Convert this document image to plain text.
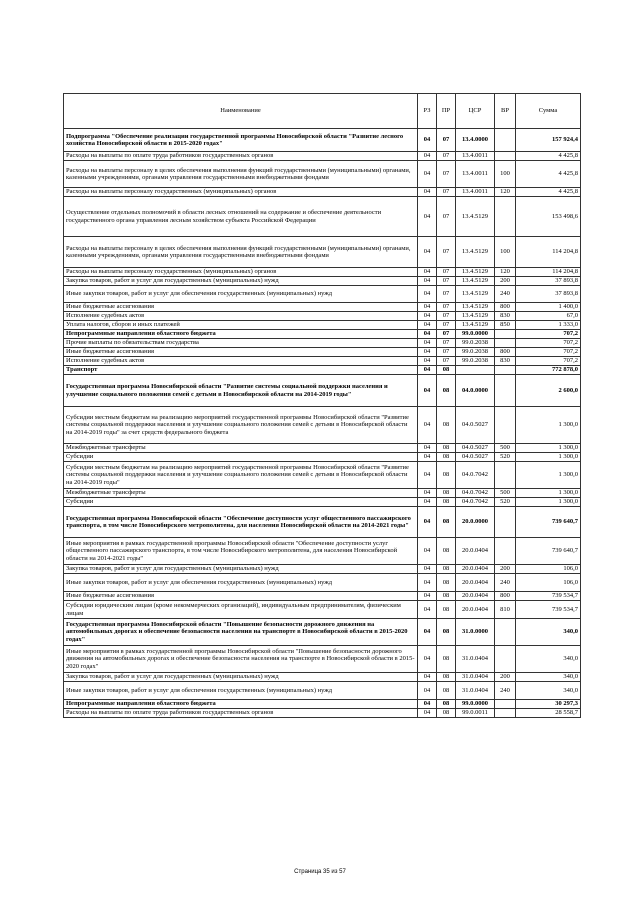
Наименование	РЗ	ПР	ЦСР	ВР	Сумма
Подпрограмма "Обеспечение реализации государственной программы Новосибирской области "Развитие лесного хозяйства Новосибирской области в 2015-2020 годах"	04	07	13.4.0000		157 924,4
Расходы на выплаты по оплате труда работников государственных органов	04	07	13.4.0011		4 425,8
Расходы на выплаты персоналу в целях обеспечения выполнения функций государственными (муниципальными) органами, казенными учреждениями, органами управления государственными внебюджетными фондами	04	07	13.4.0011	100	4 425,8
Расходы на выплаты персоналу государственных (муниципальных) органов	04	07	13.4.0011	120	4 425,8
Осуществление отдельных полномочий в области лесных отношений на содержание и обеспечение деятельности государственного органа управления лесным хозяйством субъекта Российской Федерации	04	07	13.4.5129		153 498,6
Расходы на выплаты персоналу в целях обеспечения выполнения функций государственными (муниципальными) органами, казенными учреждениями, органами управления государственными внебюджетными фондами	04	07	13.4.5129	100	114 204,8
Расходы на выплаты персоналу государственных (муниципальных) органов	04	07	13.4.5129	120	114 204,8
Закупка товаров, работ и услуг для государственных (муниципальных) нужд	04	07	13.4.5129	200	37 893,8
Иные закупки товаров, работ и услуг для обеспечения государственных (муниципальных) нужд	04	07	13.4.5129	240	37 893,8
Иные бюджетные ассигнования	04	07	13.4.5129	800	1 400,0
Исполнение судебных актов	04	07	13.4.5129	830	67,0
Уплата налогов, сборов и иных платежей	04	07	13.4.5129	850	1 333,0
Непрограммные направления областного бюджета	04	07	99.0.0000		707,2
Прочие выплаты по обязательствам государства	04	07	99.0.2038		707,2
Иные бюджетные ассигнования	04	07	99.0.2038	800	707,2
Исполнение судебных актов	04	07	99.0.2038	830	707,2
Транспорт	04	08			772 878,0
Государственная программа Новосибирской области "Развитие системы социальной поддержки населения и улучшение социального положения семей с детьми в Новосибирской области на 2014-2019 годы"	04	08	04.0.0000		2 600,0
Субсидии местным бюджетам на реализацию мероприятий государственной программы Новосибирской области "Развитие системы социальной поддержки населения и улучшение социального положения семей с детьми в Новосибирской области на 2014-2019 годы" за счет средств федерального бюджета	04	08	04.0.5027		1 300,0
Межбюджетные трансферты	04	08	04.0.5027	500	1 300,0
Субсидии	04	08	04.0.5027	520	1 300,0
Субсидии местным бюджетам на реализацию мероприятий государственной программы Новосибирской области "Развитие системы социальной поддержки населения и улучшение социального положения семей с детьми в Новосибирской области на 2014-2019 годы"	04	08	04.0.7042		1 300,0
Межбюджетные трансферты	04	08	04.0.7042	500	1 300,0
Субсидии	04	08	04.0.7042	520	1 300,0
Государственная программа Новосибирской области "Обеспечение доступности услуг общественного пассажирского транспорта, в том числе Новосибирского метрополитена, для населения Новосибирской области на 2014-2021 годы"	04	08	20.0.0000		739 640,7
Иные мероприятия в рамках государственной программы Новосибирской области "Обеспечение доступности услуг общественного пассажирского транспорта, в том числе Новосибирского метрополитена, для населения Новосибирской области на 2014-2021 годы"	04	08	20.0.0404		739 640,7
Закупка товаров, работ и услуг для государственных (муниципальных) нужд	04	08	20.0.0404	200	106,0
Иные закупки товаров, работ и услуг для обеспечения государственных (муниципальных) нужд	04	08	20.0.0404	240	106,0
Иные бюджетные ассигнования	04	08	20.0.0404	800	739 534,7
Субсидии юридическим лицам (кроме некоммерческих организаций), индивидуальным предпринимателям, физическим лицам	04	08	20.0.0404	810	739 534,7
Государственная программа Новосибирской области "Повышение безопасности дорожного движения на автомобильных дорогах и обеспечение безопасности населения на транспорте в Новосибирской области в 2015-2020 годах"	04	08	31.0.0000		340,0
Иные мероприятия в рамках государственной программы Новосибирской области "Повышение безопасности дорожного движения на автомобильных дорогах и обеспечение безопасности населения на транспорте в Новосибирской области в 2015-2020 годах"	04	08	31.0.0404		340,0
Закупка товаров, работ и услуг для государственных (муниципальных) нужд	04	08	31.0.0404	200	340,0
Иные закупки товаров, работ и услуг для обеспечения государственных (муниципальных) нужд	04	08	31.0.0404	240	340,0
Непрограммные направления областного бюджета	04	08	99.0.0000		30 297,3
Расходы на выплаты по оплате труда работников государственных органов	04	08	99.0.0011		28 558,7
Страница 35 из 57
